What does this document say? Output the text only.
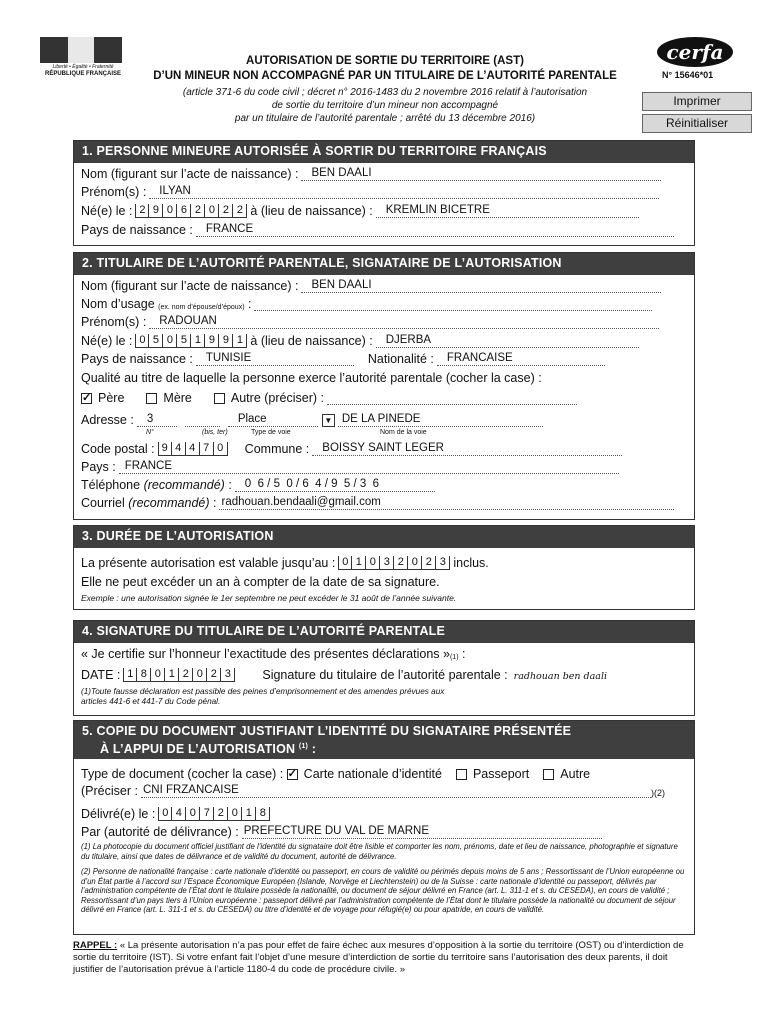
Liberté • Égalité • Fraternité
RÉPUBLIQUE FRANÇAISE
AUTORISATION DE SORTIE DU TERRITOIRE (AST)
D’UN MINEUR NON ACCOMPAGNÉ PAR UN TITULAIRE DE L’AUTORITÉ PARENTALE
(article 371-6 du code civil ; décret n° 2016-1483 du 2 novembre 2016 relatif à l’autorisation
de sortie du territoire d’un mineur non accompagné
par un titulaire de l’autorité parentale ; arrêté du 13 décembre 2016)
cerfa
N° 15646*01
Imprimer
Réinitialiser
1. PERSONNE MINEURE AUTORISÉE À SORTIR DU TERRITOIRE FRANÇAIS
Nom (figurant sur l’acte de naissance) : BEN DAALI
Prénom(s) : ILYAN
Né(e) le : 2 9 0 6 2 0 2 2 à (lieu de naissance) : KREMLIN BICETRE
Pays de naissance : FRANCE
2. TITULAIRE DE L’AUTORITÉ PARENTALE, SIGNATAIRE DE L’AUTORISATION
Nom (figurant sur l’acte de naissance) : BEN DAALI
Nom d’usage
(ex. nom d’épouse/d’époux) :
Prénom(s) : RADOUAN
Né(e) le : 0 5 0 5 1 9 9 1 à (lieu de naissance) : DJERBA
Pays de naissance : TUNISIE	Nationalité : FRANCAISE
Qualité au titre de laquelle la personne exerce l’autorité parentale (cocher la case) :
✓ Père	Mère	Autre (préciser) :
Adresse : 3	Place	▼ DE LA PINEDE
N°	(bis, ter)	Type de voie	Nom de la voie
Code postal : 9 4 4 7 0	Commune : BOISSY SAINT LEGER
Pays : FRANCE
Téléphone (recommandé) : 0  6 / 5  0 / 6  4 / 9  5 / 3  6
Courriel (recommandé) : radhouan.bendaali@gmail.com
3. DURÉE DE L’AUTORISATION
La présente autorisation est valable jusqu’au : 0 1 0 3 2 0 2 3 inclus.
Elle ne peut excéder un an à compter de la date de sa signature.
Exemple : une autorisation signée le 1er septembre ne peut excéder le 31 août de l’année suivante.
4. SIGNATURE DU TITULAIRE DE L’AUTORITÉ PARENTALE
« Je certifie sur l’honneur l’exactitude des présentes déclarations $»_{(1)}$ :
DATE : 1 8 0 1 2 0 2 3	Signature du titulaire de l’autorité parentale : radhouan ben daali
(1)Toute fausse déclaration est passible des peines d’emprisonnement et des amendes prévues aux articles 441-6 et 441-7 du Code pénal.
5. COPIE DU DOCUMENT JUSTIFIANT L’IDENTITÉ DU SIGNATAIRE PRÉSENTÉE
À L’APPUI DE L’AUTORISATION $^{(1)}$ :
Type de document (cocher la case) :
✓ Carte nationale d’identité Passeport Autre
(Préciser : CNI FRZANCAISE	)(2)
Délivré(e) le : 0 4 0 7 2 0 1 8
Par (autorité de délivrance) : PREFECTURE DU VAL DE MARNE
(1) La photocopie du document officiel justifiant de l’identité du signataire doit être lisible et comporter les nom, prénoms, date et lieu de naissance, photographie et signature du titulaire, ainsi que dates de délivrance et de validité du document, autorité de délivrance.
(2) Personne de nationalité française : carte nationale d’identité ou passeport, en cours de validité ou périmés depuis moins de 5 ans ; Ressortissant de l’Union européenne ou d’un État partie à l’accord sur l’Espace Économique Européen (Islande, Norvège et Liechtenstein) ou de la Suisse : carte nationale d’identité ou passeport, délivrés par l’administration compétente de l’État dont le titulaire possède la nationalité, ou document de séjour délivré en France (art. L. 311-1 et s. du CESEDA), en cours de validité ; Ressortissant d’un pays tiers à l’Union européenne : passeport délivré par l’administration compétente de l’État dont le titulaire possède la nationalité ou document de séjour délivré en France (art. L. 311-1 et s. du CESEDA) ou titre d’identité et de voyage pour réfugié(e) ou pour apatride, en cours de validité.
RAPPEL : « La présente autorisation n’a pas pour effet de faire échec aux mesures d’opposition à la sortie du territoire (OST) ou d’interdiction de sortie du territoire (IST). Si votre enfant fait l’objet d’une mesure d’interdiction de sortie du territoire sans l’autorisation des deux parents, il doit justifier de l’autorisation prévue à l’article 1180-4 du code de procédure civile. »
